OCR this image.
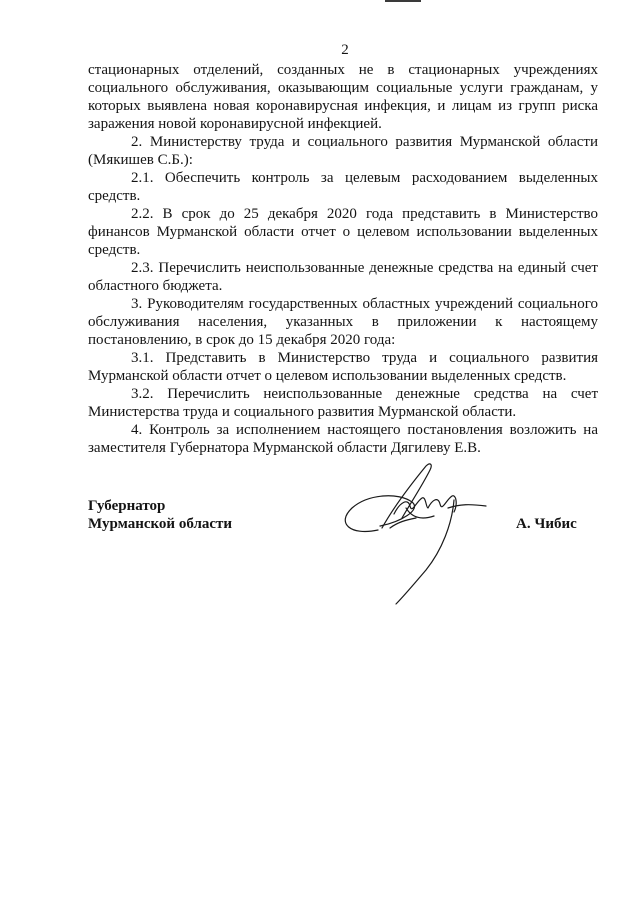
2

стационарных отделений, созданных не в стационарных учреждениях социального обслуживания, оказывающим социальные услуги гражданам, у которых выявлена новая коронавирусная инфекция, и лицам из групп риска заражения новой коронавирусной инфекцией.

2. Министерству труда и социального развития Мурманской области (Мякишев С.Б.):

2.1. Обеспечить контроль за целевым расходованием выделенных средств.

2.2. В срок до 25 декабря 2020 года представить в Министерство финансов Мурманской области отчет о целевом использовании выделенных средств.

2.3. Перечислить неиспользованные денежные средства на единый счет областного бюджета.

3. Руководителям государственных областных учреждений социального обслуживания населения, указанных в приложении к настоящему постановлению, в срок до 15 декабря 2020 года:

3.1. Представить в Министерство труда и социального развития Мурманской области отчет о целевом использовании выделенных средств.

3.2. Перечислить неиспользованные денежные средства на счет Министерства труда и социального развития Мурманской области.

4. Контроль за исполнением настоящего постановления возложить на заместителя Губернатора Мурманской области Дягилеву Е.В.

Губернатор
Мурманской области	А. Чибис
